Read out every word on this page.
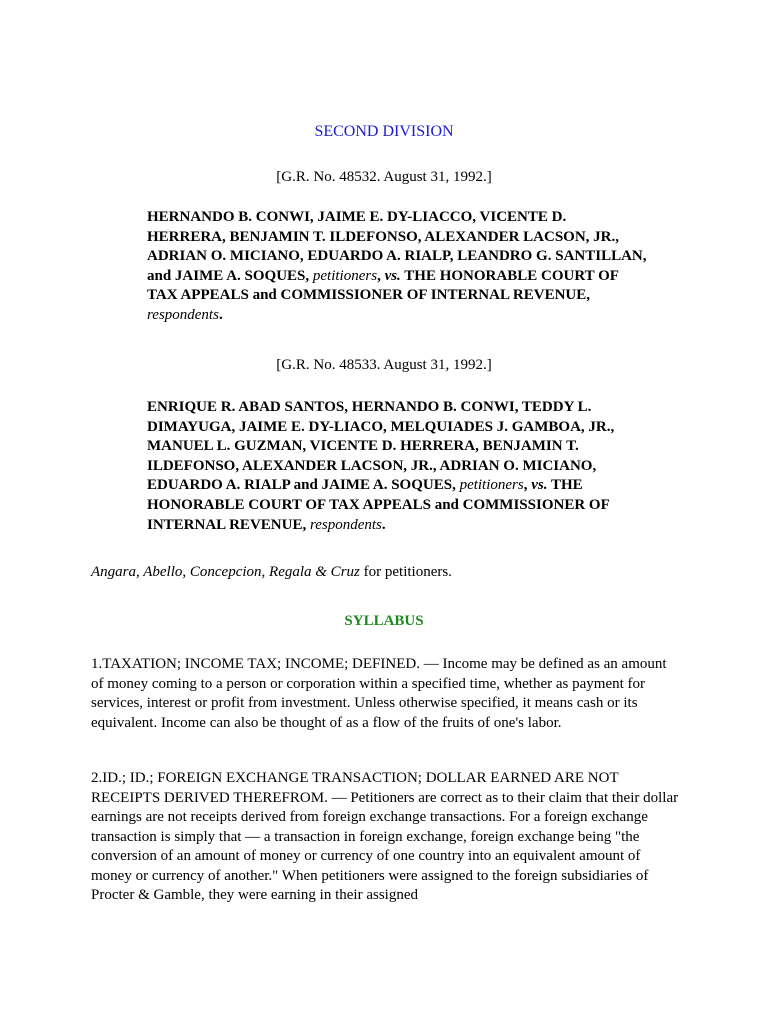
SECOND DIVISION
[G.R. No. 48532. August 31, 1992.]
HERNANDO B. CONWI, JAIME E. DY-LIACCO, VICENTE D. HERRERA, BENJAMIN T. ILDEFONSO, ALEXANDER LACSON, JR., ADRIAN O. MICIANO, EDUARDO A. RIALP, LEANDRO G. SANTILLAN, and JAIME A. SOQUES, petitioners, vs. THE HONORABLE COURT OF TAX APPEALS and COMMISSIONER OF INTERNAL REVENUE, respondents.
[G.R. No. 48533. August 31, 1992.]
ENRIQUE R. ABAD SANTOS, HERNANDO B. CONWI, TEDDY L. DIMAYUGA, JAIME E. DY-LIACO, MELQUIADES J. GAMBOA, JR., MANUEL L. GUZMAN, VICENTE D. HERRERA, BENJAMIN T. ILDEFONSO, ALEXANDER LACSON, JR., ADRIAN O. MICIANO, EDUARDO A. RIALP and JAIME A. SOQUES, petitioners, vs. THE HONORABLE COURT OF TAX APPEALS and COMMISSIONER OF INTERNAL REVENUE, respondents.
Angara, Abello, Concepcion, Regala & Cruz for petitioners.
SYLLABUS
1.TAXATION; INCOME TAX; INCOME; DEFINED. — Income may be defined as an amount of money coming to a person or corporation within a specified time, whether as payment for services, interest or profit from investment. Unless otherwise specified, it means cash or its equivalent. Income can also be thought of as a flow of the fruits of one's labor.
2.ID.; ID.; FOREIGN EXCHANGE TRANSACTION; DOLLAR EARNED ARE NOT RECEIPTS DERIVED THEREFROM. — Petitioners are correct as to their claim that their dollar earnings are not receipts derived from foreign exchange transactions. For a foreign exchange transaction is simply that — a transaction in foreign exchange, foreign exchange being "the conversion of an amount of money or currency of one country into an equivalent amount of money or currency of another." When petitioners were assigned to the foreign subsidiaries of Procter & Gamble, they were earning in their assigned
